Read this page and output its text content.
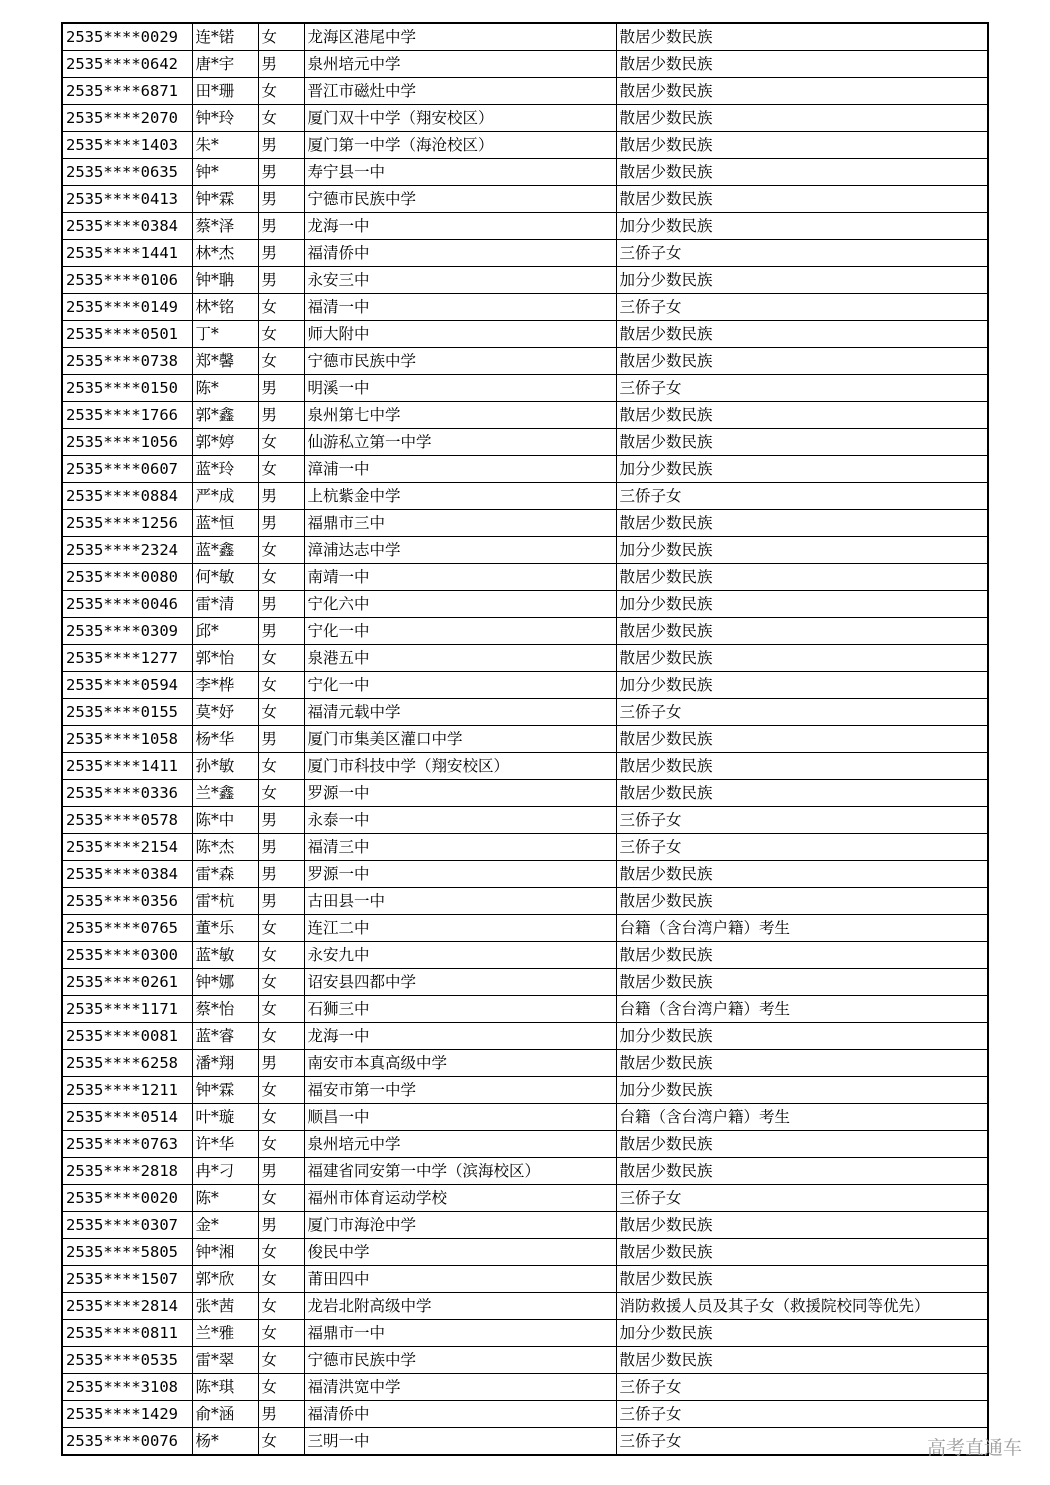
2535****0029	连*锘	女	龙海区港尾中学	散居少数民族
2535****0642	唐*宇	男	泉州培元中学	散居少数民族
2535****6871	田*珊	女	晋江市磁灶中学	散居少数民族
2535****2070	钟*玲	女	厦门双十中学（翔安校区）	散居少数民族
2535****1403	朱*	男	厦门第一中学（海沧校区）	散居少数民族
2535****0635	钟*	男	寿宁县一中	散居少数民族
2535****0413	钟*霖	男	宁德市民族中学	散居少数民族
2535****0384	蔡*泽	男	龙海一中	加分少数民族
2535****1441	林*杰	男	福清侨中	三侨子女
2535****0106	钟*聃	男	永安三中	加分少数民族
2535****0149	林*铭	女	福清一中	三侨子女
2535****0501	丁*	女	师大附中	散居少数民族
2535****0738	郑*馨	女	宁德市民族中学	散居少数民族
2535****0150	陈*	男	明溪一中	三侨子女
2535****1766	郭*鑫	男	泉州第七中学	散居少数民族
2535****1056	郭*婷	女	仙游私立第一中学	散居少数民族
2535****0607	蓝*玲	女	漳浦一中	加分少数民族
2535****0884	严*成	男	上杭紫金中学	三侨子女
2535****1256	蓝*恒	男	福鼎市三中	散居少数民族
2535****2324	蓝*鑫	女	漳浦达志中学	加分少数民族
2535****0080	何*敏	女	南靖一中	散居少数民族
2535****0046	雷*清	男	宁化六中	加分少数民族
2535****0309	邱*	男	宁化一中	散居少数民族
2535****1277	郭*怡	女	泉港五中	散居少数民族
2535****0594	李*桦	女	宁化一中	加分少数民族
2535****0155	莫*妤	女	福清元载中学	三侨子女
2535****1058	杨*华	男	厦门市集美区灌口中学	散居少数民族
2535****1411	孙*敏	女	厦门市科技中学（翔安校区）	散居少数民族
2535****0336	兰*鑫	女	罗源一中	散居少数民族
2535****0578	陈*中	男	永泰一中	三侨子女
2535****2154	陈*杰	男	福清三中	三侨子女
2535****0384	雷*森	男	罗源一中	散居少数民族
2535****0356	雷*杭	男	古田县一中	散居少数民族
2535****0765	董*乐	女	连江二中	台籍（含台湾户籍）考生
2535****0300	蓝*敏	女	永安九中	散居少数民族
2535****0261	钟*娜	女	诏安县四都中学	散居少数民族
2535****1171	蔡*怡	女	石狮三中	台籍（含台湾户籍）考生
2535****0081	蓝*睿	女	龙海一中	加分少数民族
2535****6258	潘*翔	男	南安市本真高级中学	散居少数民族
2535****1211	钟*霖	女	福安市第一中学	加分少数民族
2535****0514	叶*璇	女	顺昌一中	台籍（含台湾户籍）考生
2535****0763	许*华	女	泉州培元中学	散居少数民族
2535****2818	冉*刁	男	福建省同安第一中学（滨海校区）	散居少数民族
2535****0020	陈*	女	福州市体育运动学校	三侨子女
2535****0307	金*	男	厦门市海沧中学	散居少数民族
2535****5805	钟*湘	女	俊民中学	散居少数民族
2535****1507	郭*欣	女	莆田四中	散居少数民族
2535****2814	张*茜	女	龙岩北附高级中学	消防救援人员及其子女（救援院校同等优先）
2535****0811	兰*雅	女	福鼎市一中	加分少数民族
2535****0535	雷*翠	女	宁德市民族中学	散居少数民族
2535****3108	陈*琪	女	福清洪宽中学	三侨子女
2535****1429	俞*涵	男	福清侨中	三侨子女
2535****0076	杨*	女	三明一中	三侨子女	高考直通车
